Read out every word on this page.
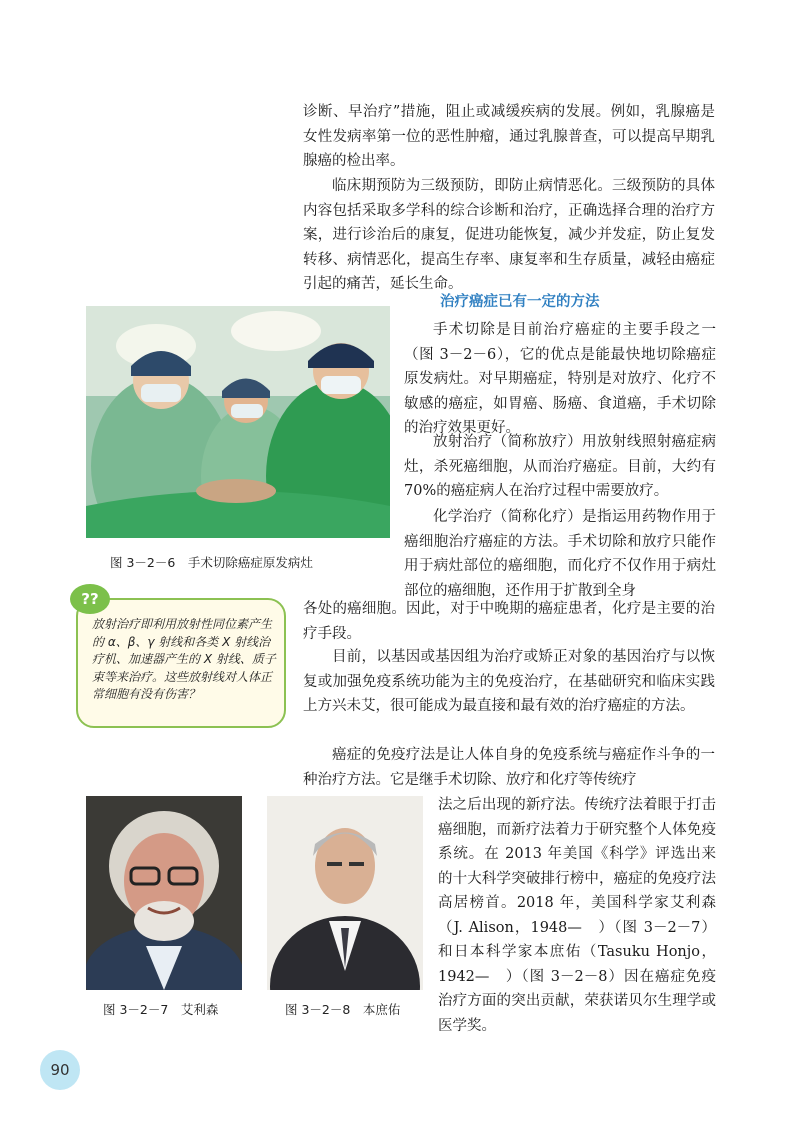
诊断、早治疗”措施，阻止或减缓疾病的发展。例如，乳腺癌是女性发病率第一位的恶性肿瘤，通过乳腺普查，可以提高早期乳腺癌的检出率。

临床期预防为三级预防，即防止病情恶化。三级预防的具体内容包括采取多学科的综合诊断和治疗，正确选择合理的治疗方案，进行诊治后的康复，促进功能恢复，减少并发症，防止复发转移、病情恶化，提高生存率、康复率和生存质量，减轻由癌症引起的痛苦，延长生命。

治疗癌症已有一定的方法
图 3－2－6　手术切除癌症原发病灶

手术切除是目前治疗癌症的主要手段之一（图 3－2－6），它的优点是能最快地切除癌症原发病灶。对早期癌症，特别是对放疗、化疗不敏感的癌症，如胃癌、肠癌、食道癌，手术切除的治疗效果更好。

放射治疗（简称放疗）用放射线照射癌症病灶，杀死癌细胞，从而治疗癌症。目前，大约有 70%的癌症病人在治疗过程中需要放疗。

化学治疗（简称化疗）是指运用药物作用于癌细胞治疗癌症的方法。手术切除和放疗只能作用于病灶部位的癌细胞，而化疗不仅作用于病灶部位的癌细胞，还作用于扩散到全身

各处的癌细胞。因此，对于中晚期的癌症患者，化疗是主要的治疗手段。

??

放射治疗即利用放射性同位素产生的 α、β、γ 射线和各类 X 射线治疗机、加速器产生的 X 射线、质子束等来治疗。这些放射线对人体正常细胞有没有伤害？

目前，以基因或基因组为治疗或矫正对象的基因治疗与以恢复或加强免疫系统功能为主的免疫治疗，在基础研究和临床实践上方兴未艾，很可能成为最直接和最有效的治疗癌症的方法。

癌症的免疫疗法是让人体自身的免疫系统与癌症作斗争的一种治疗方法。它是继手术切除、放疗和化疗等传统疗

图 3－2－7　艾利森	图 3－2－8　本庶佑

法之后出现的新疗法。传统疗法着眼于打击癌细胞，而新疗法着力于研究整个人体免疫系统。在 2013 年美国《科学》评选出来的十大科学突破排行榜中，癌症的免疫疗法高居榜首。2018 年，美国科学家艾利森（J. Alison，1948—　）（图 3－2－7）和日本科学家本庶佑（Tasuku Honjo，1942—　）（图 3－2－8）因在癌症免疫治疗方面的突出贡献，荣获诺贝尔生理学或医学奖。

90
